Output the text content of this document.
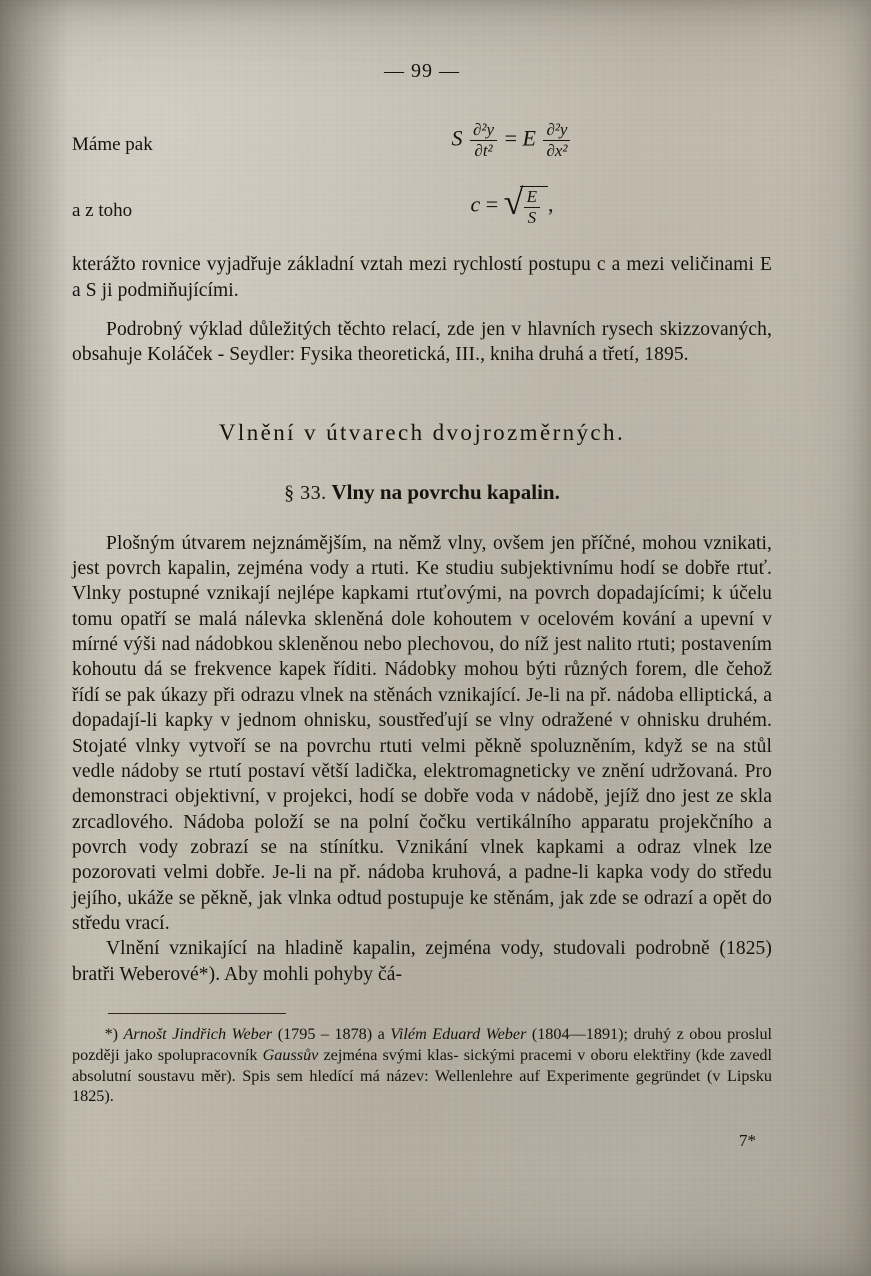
— 99 —
Máme pak	S $\frac{\text{∂²y}}{\text{∂t²}} = E \frac{\text{∂²y}}{\text{∂x²}}$
a z toho	c = √ $\frac{E}{S}$ ,

kterážto rovnice vyjadřuje základní vztah mezi rychlostí postupu c a mezi veličinami E a S ji podmiňujícími.

Podrobný výklad důležitých těchto relací, zde jen v hlavních rysech skizzovaných, obsahuje Koláček - Seydler: Fysika theoretická, III., kniha druhá a třetí, 1895.

Vlnění v útvarech dvojrozměrných.
§ 33. Vlny na povrchu kapalin.

Plošným útvarem nejznámějším, na němž vlny, ovšem jen příčné, mohou vznikati, jest povrch kapalin, zejména vody a rtuti. Ke studiu subjektivnímu hodí se dobře rtuť. Vlnky postupné vznikají nejlépe kapkami rtuťovými, na povrch dopadajícími; k účelu tomu opatří se malá nálevka skleněná dole kohoutem v ocelovém kování a upevní v mírné výši nad nádobkou skleněnou nebo plechovou, do níž jest nalito rtuti; postavením kohoutu dá se frekvence kapek říditi. Nádobky mohou býti různých forem, dle čehož řídí se pak úkazy při odrazu vlnek na stěnách vznikající. Je-li na př. nádoba elliptická, a dopadají-li kapky v jednom ohnisku, soustřeďují se vlny odražené v ohnisku druhém. Stojaté vlnky vytvoří se na povrchu rtuti velmi pěkně spoluzněním, když se na stůl vedle nádoby se rtutí postaví větší ladička, elektromagneticky ve znění udržovaná. Pro demonstraci objektivní, v projekci, hodí se dobře voda v nádobě, jejíž dno jest ze skla zrcadlového. Nádoba položí se na polní čočku vertikálního apparatu projekčního a povrch vody zobrazí se na stínítku. Vznikání vlnek kapkami a odraz vlnek lze pozorovati velmi dobře. Je-li na př. nádoba kruhová, a padne-li kapka vody do středu jejího, ukáže se pěkně, jak vlnka odtud postupuje ke stěnám, jak zde se odrazí a opět do středu vrací.

Vlnění vznikající na hladině kapalin, zejména vody, studovali podrobně (1825) bratři Weberové*). Aby mohli pohyby čá-

*) Arnošt Jindřich Weber (1795 – 1878) a Vilém Eduard Weber (1804—1891); druhý z obou proslul později jako spolupracovník Gaussův zejména svými klas- sickými pracemi v oboru elektřiny (kde zavedl absolutní soustavu měr). Spis sem hledící má název: Wellenlehre auf Experimente gegründet (v Lipsku 1825).
7*
